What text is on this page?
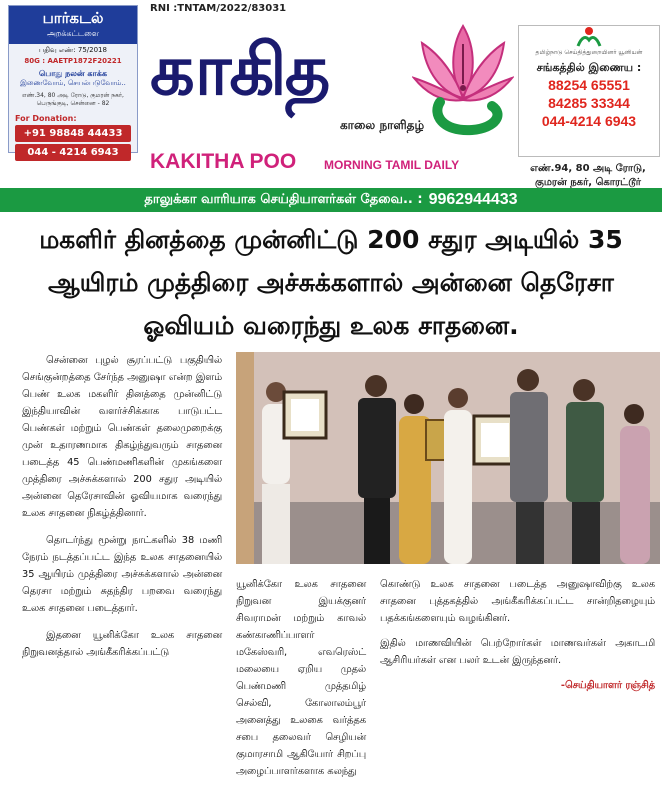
பார்கடல்
அறக்கட்டளை
பதிவு எண்: 75/2018
80G : AAETP1872F20221
பொது நலன் காக்க
இணைவோம், செயல்படுவோம்..
எண்.34, 80 அடி ரோடு, குமரன் நகர், பெருங்குடி, சென்னை - 82
For Donation:
+91 98848 44433
044 - 4214 6943
RNI :TNTAM/2022/83031
காகித
காலை நாளிதழ்
KAKITHA POO MORNING TAMIL DAILY
தமிழ்நாடு செய்தித்துறையினர் யூனியன்
சங்கத்தில் இணைய :
88254 65551
84285 33344
044-4214 6943
எண்.94, 80 அடி ரோடு,
குமரன் நகர், கொரட்டூர்
தாலுக்கா வாரியாக செய்தியாளர்கள் தேவை.. : 9962944433
மகளிர் தினத்தை முன்னிட்டு 200 சதுர அடியில் 35
ஆயிரம் முத்திரை அச்சுக்களால் அன்னை தெரேசா
ஓவியம் வரைந்து உலக சாதனை.

சென்னை புழல் சூரப்பட்டு பகுதியில் செங்குன்றத்தை சேர்ந்த அனுஷா என்ற இளம் பெண் உலக மகளிர் தினத்தை முன்னிட்டு இந்தியாவின் வளர்ச்சிக்காக பாடுபட்ட பெண்கள் மற்றும் பெண்கள் தலைமுறைக்கு முன் உதாரணமாக திகழ்ந்துவரும் சாதனை படைத்த 45 பெண்மணிகளின் முகங்களை முத்திரை அச்சுக்களால் 200 சதுர அடியில் அன்னை தெரேசாவின் ஓவியமாக வரைந்து உலக சாதனை நிகழ்த்தினார்.

தொடர்ந்து மூன்று நாட்களில் 38 மணி நேரம் நடத்தப்பட்ட இந்த உலக சாதனையில் 35 ஆயிரம் முத்திரை அச்சுக்களால் அன்னை தெரசா மற்றும் சுதந்திர பறவை வரைந்து உலக சாதனை படைத்தார்.

இதனை யூனிக்கோ உலக சாதனை நிறுவனத்தால் அங்கீகரிக்கப்பட்டு

யூனிக்கோ உலக சாதனை நிறுவன இயக்குனர் சிவராமன் மற்றும் காவல் கண்காணிப்பாளர் மகேஸ்வரி, எவரெஸ்ட் மலையை ஏறிய முதல் பெண்மணி முத்தமிழ் செல்வி, கோலாலம்பூர் அனைத்து உலகை வர்த்தக சபை தலைவர் செழியன் குமாரசாமி ஆகியோர் சிறப்பு அழைப்பாளர்களாக கலந்து

கொண்டு உலக சாதனை படைத்த அனுஷாவிற்கு உலக சாதனை புத்தகத்தில் அங்கீகரிக்கப்பட்ட சான்றிதழையும் பதக்கங்களையும் வழங்கினர்.

இதில் மாணவியின் பெற்றோர்கள் மாணவர்கள் அகாடமி ஆசிரியர்கள் என பலர் உடன் இருந்தனர்.

-செய்தியாளர் ரஞ்சித்
